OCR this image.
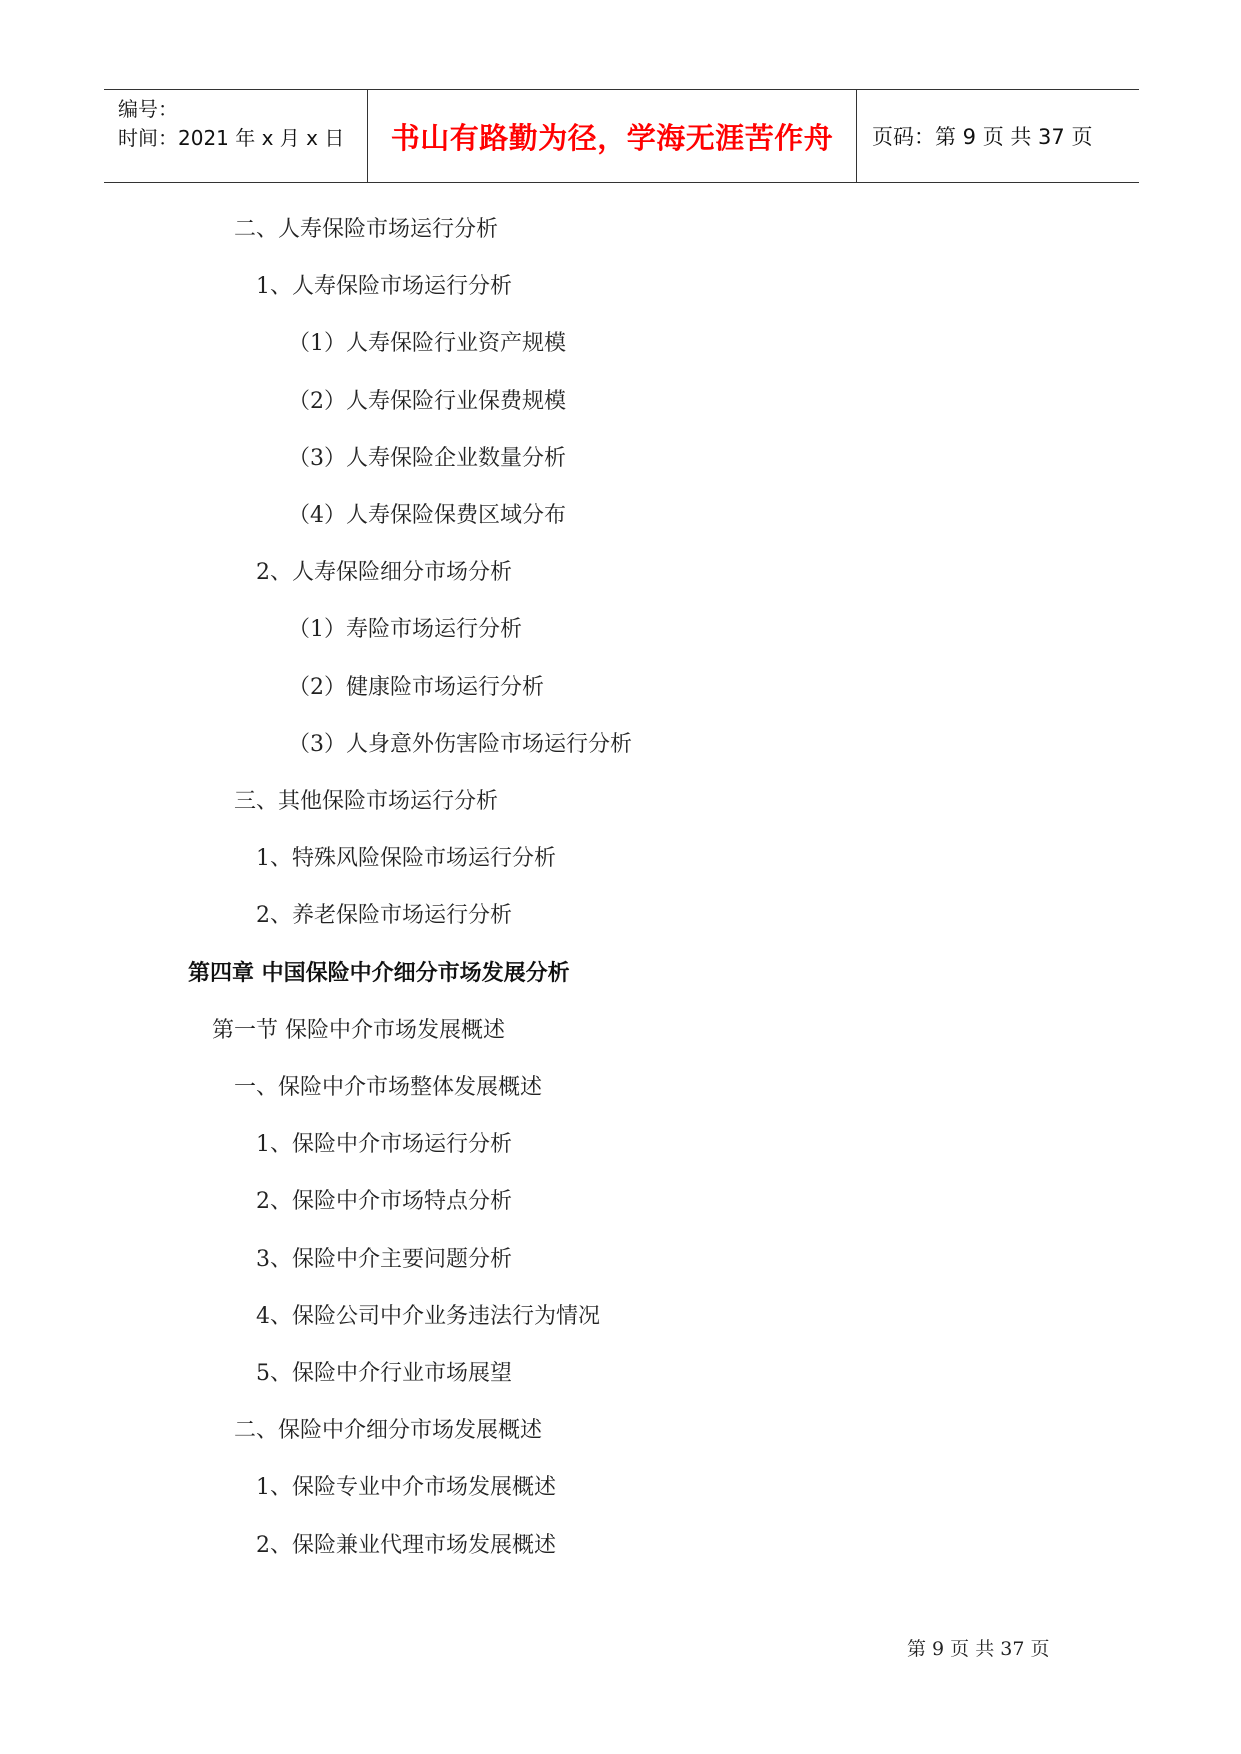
编号：
时间：2021 年 x 月 x 日	书山有路勤为径，学海无涯苦作舟	页码：第 9 页 共 37 页
二、人寿保险市场运行分析
1、人寿保险市场运行分析
（1）人寿保险行业资产规模
（2）人寿保险行业保费规模
（3）人寿保险企业数量分析
（4）人寿保险保费区域分布
2、人寿保险细分市场分析
（1）寿险市场运行分析
（2）健康险市场运行分析
（3）人身意外伤害险市场运行分析
三、其他保险市场运行分析
1、特殊风险保险市场运行分析
2、养老保险市场运行分析
第四章 中国保险中介细分市场发展分析
第一节 保险中介市场发展概述
一、保险中介市场整体发展概述
1、保险中介市场运行分析
2、保险中介市场特点分析
3、保险中介主要问题分析
4、保险公司中介业务违法行为情况
5、保险中介行业市场展望
二、保险中介细分市场发展概述
1、保险专业中介市场发展概述
2、保险兼业代理市场发展概述
第 9 页 共 37 页
